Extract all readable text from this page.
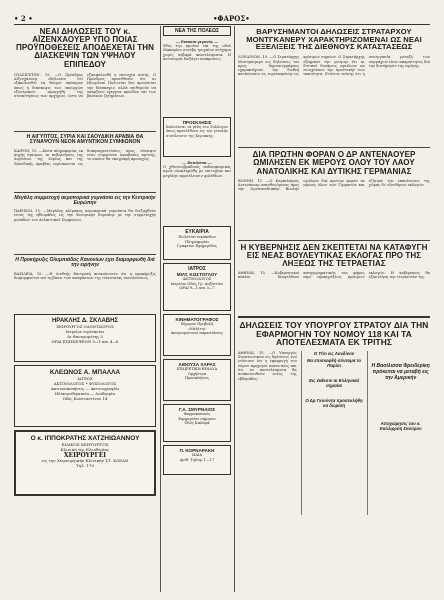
• 2 •	•ΦΑΡΟΣ•
ΝΕΑΙ ΔΗΛΩΣΕΙΣ ΤΟΥ κ. ΑΪΖΕΝΧΑΟΥΕΡ ΥΠΟ ΠΟΙΑΣ ΠΡΟΫΠΟΘΕΣΕΙΣ ΑΠΟΔΕΧΕΤΑΙ ΤΗΝ ΔΙΑΣΚΕΨΙΝ ΤΩΝ ΥΨΗΛΟΥ ΕΠΙΠΕΔΟΥ
ΟΥΑΣΙΓΚΤΩΝ, 15. —Ο Πρόεδρος Αϊζενχάουερ εδήλωσεν ότι εξακολουθεί να θεωρεί σκόπιμον όπως η διάσκεψις των υπουργών εξωτερικών προηγηθή της συναντήσεως των αρχηγών, ώστε να εξασφαλισθή η επιτυχία αυτής. Ο Πρόεδρος προσέθεσεν ότι αι Ηνωμέναι Πολιτείαι δεν αρνούνται την διάσκεψιν, αλλά επιθυμούν να υπάρξουν εχέγγυα προόδου επί των βασικών ζητημάτων.
Η ΑΙΓΥΠΤΟΣ, ΣΥΡΙΑ ΚΑΙ ΣΑΟΥΔΙΚΗ ΑΡΑΒΙΑ ΘΑ ΣΥΝΑΨΟΥΝ ΝΕΟΝ ΑΜΥΝΤΙΚΟΝ ΣΥΜΦΩΝΟΝ
ΚΑΪΡΟΝ, 15. —Κατά πληροφορίας εκ πηγής έγκυρου, αι κυβερνήσεις της Αιγύπτου, της Συρίας και της Σαουδικής Αραβίας ευρίσκονται εις διαπραγματεύσεις προς σύναψιν νέου συμφώνου αμοιβαίας αμύνης, το οποίον θα υπογραφή προσεχώς.
Μεγάλη συμμετοχή αεροπορικά γυμνάσια εις την Κεντρικήν Ευρώπην
ΠΑΡΙΣΙΟΙ, 15. —Μεγάλης κλίμακος αεροπορικά γυμνάσια θα διεξαχθούν εντός της εβδομάδος εις την Κεντρικήν Ευρώπην με την συμμετοχήν μονάδων του Ατλαντικού Συμφώνου.
Η Προκήρυξις Ολυμπιάδος Κανονίων έχει διαμορφωθή διά την ειρήνην
ΒΑΣΙΛΕΙΑ, 15. —Η Διεθνής Επιτροπή ανεκοίνωσεν ότι η προκήρυξις διαμορφούται επί τη βάσει των αποφάσεων της τελευταίας συνελεύσεως.
ΗΡΑΚΛΗΣ Δ. ΣΚΛΑΒΗΣ
ΧΕΙΡΟΥΡΓΟΣ ΟΔΟΝΤΙΑΤΡΟΣ
Ιατρείον ευρίσκεται
Αι-Φανερωμένης 5
ΩΡΑΙ ΕΠΙΣΚΕΨΕΩΝ 9—1 και 4—8
ΚΛΕΩΝΟΣ Α. ΜΠΑΛΛΑ
ΙΑΤΡΟΣ
ΑΚΤΙΝΟΛΟΓΟΣ • ΦΥΣΙΟΛΟΓΟΣ
Ακτινοσκοπήσεις — Ακτινογραφίαι
Ηλεκτροθεραπεία — Διαθερμία
Οδός Κονσταντίνου 14
Ο κ. ΙΠΠΟΚΡΑΤΗΣ ΧΑΤΖΗΙΩΑΝΝΟΥ
ΕΙΔΙΚΟΣ ΧΕΙΡΟΥΡΓΟΣ
Κλινική της Ελευθερίας
ΧΕΙΡΟΥΡΓΕΙ
εις την Χειρουργικήν Κλινικήν ΣΤ. ΚΛΕΑΝ
Τηλ. 179
ΝΕΑ ΤΗΣ ΠΟΛΕΩΣ
— Εκτακτο γεγονός —
Χθες την πρωίαν επί της οδού Μακαρίου συνέβη τροχαίον ατύχημα χωρίς σοβαρά αποτελέσματα. Η αστυνομία διεξάγει ανακρίσεις.
ΠΡΟΣΚΛΗΣΙΣ
Καλούνται τα μέλη του Συλλόγου όπως προσέλθουν εις την γενικήν συνέλευσιν της Κυριακής.
— Εκτελείται —
Ο χθεσινοβραδινός ποδοσφαιρικός αγών ολοκληρώθη με επιτυχίαν και μεγάλην προσέλευσιν φιλάθλων.
ΕΥΚΑΙΡΙΑ
Πωλείται οικόπεδον
Πληροφορίαι
Γραφείον Εφημερίδος
ΙΑΤΡΟΣ
ΜΙΛΤ. ΚΩΣΤΟΓΛΟΥ
ΑΚΤΙΝΟΛΟΓΟΣ
Ιατρείον Οδός Γρ. Αυξεντίου
ΩΡΑΙ 9—1 και 3—7
ΚΙΝΗΜΑΤΟΓΡΑΦΟΣ
Σήμερον Προβολή
«Μελίτη»
Απογευματιναί παραστάσεις
ΑΙΘΟΥΣΑ ΧΑΡΑΣ
ΕΞΑΙΡΕΤΙΚΗ ΒΡΑΔΥΑ
Ορχήστρα
Προσκλήσεις
Γ.Α. ΣΜΥΡΝΑΙΟΣ
Φαρμακοποιός
Εφημερεύει σήμερον
Οδός Καλαμά
Π. ΚΟΡΝΑΡΑΚΗ
ΜΑΙΑ
Αριθ. Τηλεφ. 1—17
ΒΑΡΥΣΗΜΑΝΤΟΙ ΔΗΛΩΣΕΙΣ ΣΤΡΑΤΑΡΧΟΥ ΜΟΝΤΓΚΑΝΕΡΥ ΧΑΡΑΚΤΗΡΙΖΟΜΕΝΑΙ ΩΣ ΝΕΑΙ ΕΞΕΛΙΞΕΙΣ ΤΗΣ ΔΙΕΘΝΟΥΣ ΚΑΤΑΣΤΑΣΕΩΣ
ΛΟΝΔΙΝΟΝ, 15. —Ο Στρατάρχης Μοντγκόμερυ εις δηλώσεις του προς δημοσιογράφους εχαρακτήρισε την διεθνή κατάστασιν ως ευρισκομένην εις κρίσιμον σημείον. Ο Στρατάρχης εξέφρασε την γνώμην ότι αι δυτικαί δυνάμεις οφείλουν να ενισχύσουν την αμυντικήν των ικανότητα. Ετόνισε επίσης ότι η συνεργασία μεταξύ των συμμάχων είναι απαραίτητος διά την διατήρησιν της ειρήνης.
ΔΙΑ ΠΡΩΤΗΝ ΦΟΡΑΝ Ο ΔΡ ΑΝΤΕΝΑΟΥΕΡ ΩΜΙΛΗΣΕΝ ΕΚ ΜΕΡΟΥΣ ΟΛΟΥ ΤΟΥ ΛΑΟΥ ΑΝΑΤΟΛΙΚΗΣ ΚΑΙ ΔΥΤΙΚΗΣ ΓΕΡΜΑΝΙΑΣ
ΒΟΝΝΗ, 15. —Ο Καγκελάριος Αντενάουερ απευθυνόμενος προς την Ομοσπονδιακήν Βουλήν ωμίλησε διά πρώτην φοράν εκ μέρους όλων των Γερμανών και εζήτησε την επανένωσιν της χώρας δι' ελευθέρων εκλογών.
Η ΚΥΒΕΡΝΗΣΙΣ ΔΕΝ ΣΚΕΠΤΕΤΑΙ ΝΑ ΚΑΤΑΦΥΓΗ ΕΙΣ ΝΕΑΣ ΒΟΥΛΕΥΤΙΚΑΣ ΕΚΛΟΓΑΣ ΠΡΟ ΤΗΣ ΛΗΞΕΩΣ ΤΗΣ ΤΕΤΡΑΕΤΙΑΣ
ΑΘΗΝΑΙ, 15. —Κυβερνητικοί κύκλοι διαψεύδουν κατηγορηματικώς τας φήμας περί προκηρύξεως πρόωρων εκλογών. Η κυβέρνησις θα εξαντλήση την τετραετίαν της.
ΔΗΛΩΣΕΙΣ ΤΟΥ ΥΠΟΥΡΓΟΥ ΣΤΡΑΤΟΥ ΔΙΑ ΤΗΝ ΕΦΑΡΜΟΓΗΝ ΤΟΥ ΝΟΜΟΥ 118 ΚΑΙ ΤΑ ΑΠΟΤΕΛΕΣΜΑΤΑ ΕΚ ΤΡΙΤΗΣ
ΑΘΗΝΑΙ, 15. —Ο Υπουργός Στρατιωτικών εις δηλώσεις του ετόνισεν ότι η εφαρμογή του νόμου προχωρεί κανονικώς και ότι τα αποτελέσματα θα ανακοινωθούν εντός της εβδομάδος.
Ο Τίτο εις Λονδίνον
Θα επισκεφθή σύντομα το Παρίσι
Εις έκθεσιν αι Ελληνικαί σημαίαι
Ο Δρ Γκιούντα προσεκλήθη να δωρίση
Η Βασίλισσα Φρειδερίκη πρόκειται να μεταβή εις την Αμερικήν
Αποχώρησις του κ. Καλλιρρόη Σκούρου
